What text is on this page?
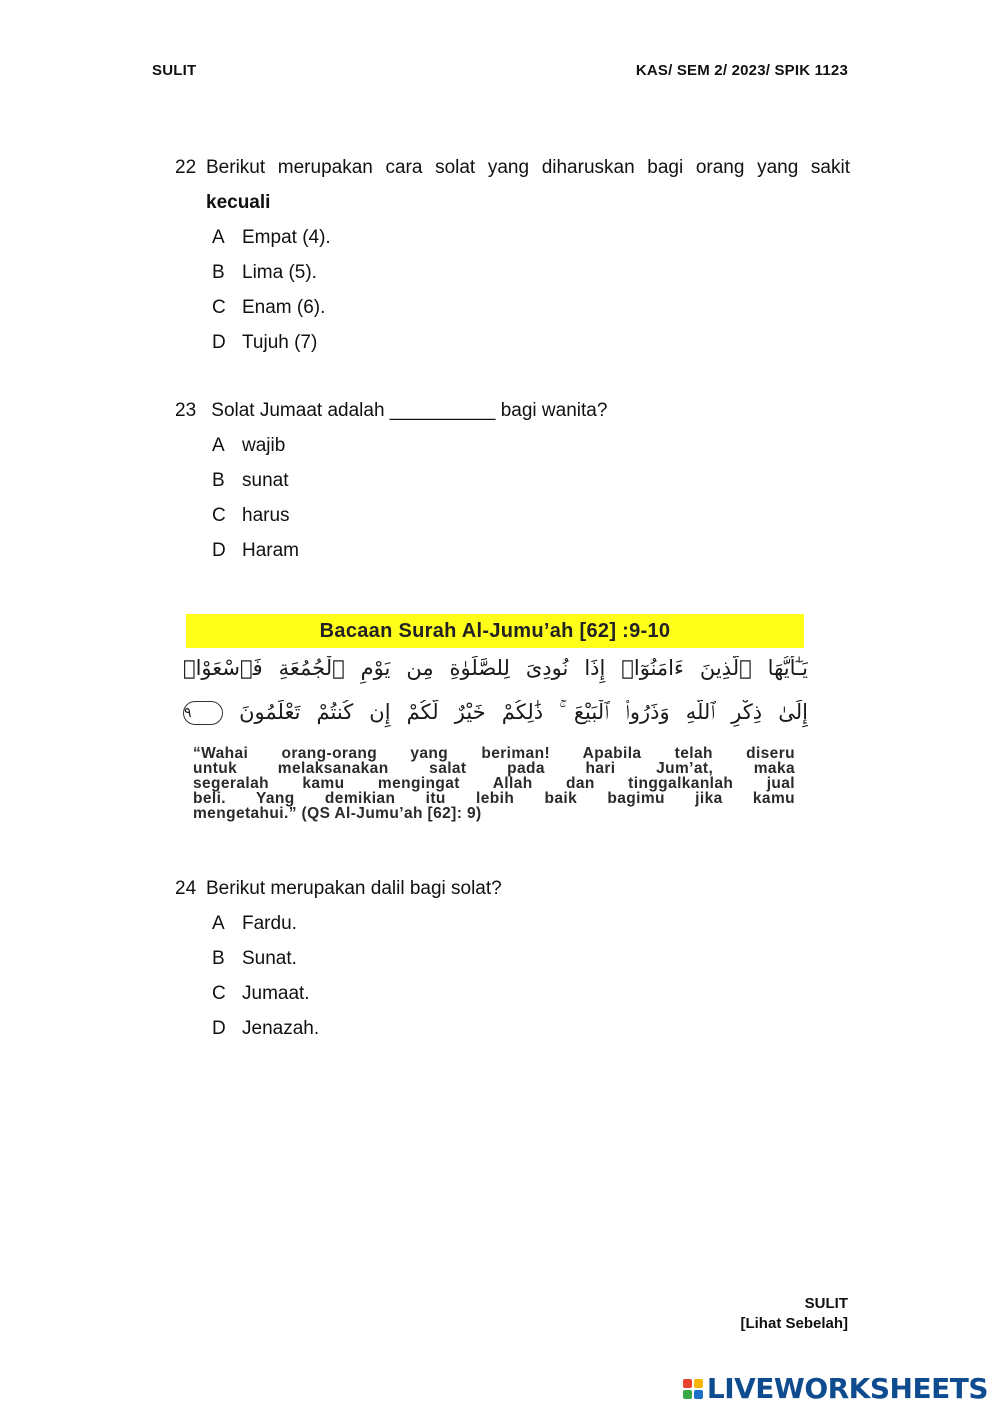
SULIT	KAS/ SEM 2/ 2023/ SPIK 1123
22 Berikut merupakan cara solat yang diharuskan bagi orang yang sakit
kecuali
A Empat (4).
B Lima (5).
C Enam (6).
D Tujuh (7)
23 Solat Jumaat adalah __________ bagi wanita?
A wajib
B sunat
C harus
D Haram
Bacaan Surah Al-Jumu’ah [62] :9-10
يَـٰٓأَيُّهَا ٱلَّذِينَ ءَامَنُوٓا۟ إِذَا نُودِىَ لِلصَّلَوٰةِ مِن يَوْمِ ٱلْجُمُعَةِ فَٱسْعَوْا۟
إِلَىٰ ذِكْرِ ٱللَّهِ وَذَرُوا۟ ٱلْبَيْعَ ۚ ذَٰلِكُمْ خَيْرٌ لَّكُمْ إِن كُنتُمْ تَعْلَمُونَ ٩
“Wahai orang-orang yang beriman! Apabila telah diseru
untuk melaksanakan salat pada hari Jum’at, maka
segeralah kamu mengingat Allah dan tinggalkanlah jual
beli. Yang demikian itu lebih baik bagimu jika kamu
mengetahui.” (QS Al-Jumu’ah [62]: 9)
24 Berikut merupakan dalil bagi solat?
A Fardu.
B Sunat.
C Jumaat.
D Jenazah.
SULIT
[Lihat Sebelah]
LIVEWORKSHEETS
